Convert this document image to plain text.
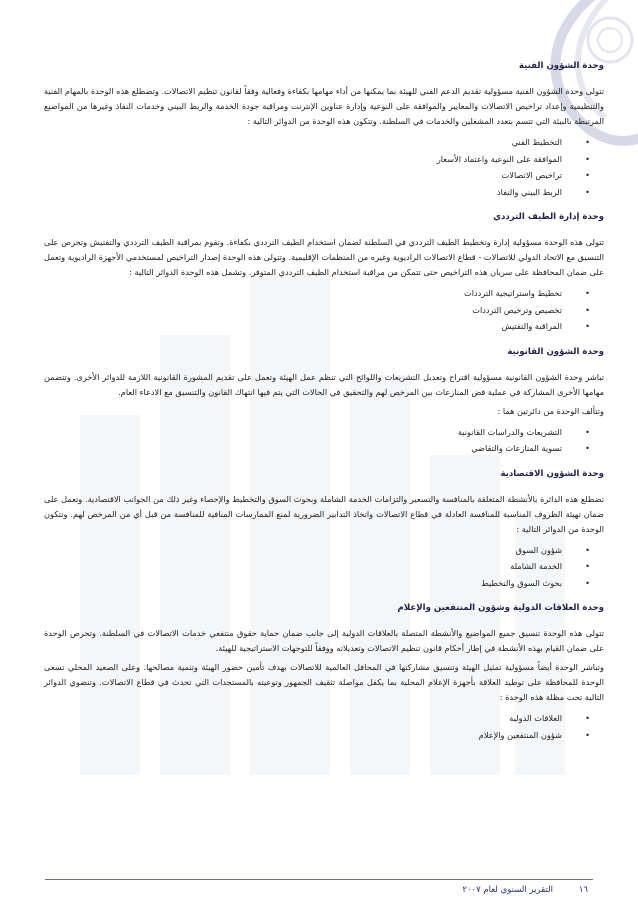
وحدة الشؤون الفنية

تتولى وحدة الشؤون الفنية مسؤولية تقديم الدعم الفني للهيئة بما يمكنها من أداء مهامها بكفاءة وفعالية وفقاً لقانون تنظيم الاتصالات. وتضطلع هذه الوحدة بالمهام الفنية والتنظيمية وإعداد تراخيص الاتصالات والمعايير والموافقة على النوعية وإدارة عناوين الإنترنت ومراقبة جودة الخدمة والربط البيني وخدمات النفاذ وغيرها من المواضيع المرتبطة بالبيئة التي تتسم بتعدد المشغلين والخدمات في السلطنة. وتتكون هذه الوحدة من الدوائر التالية :

•
التخطيط الفني
•
الموافقة على النوعية واعتماد الأسعار
•
تراخيص الاتصالات
•
الربط البيني والنفاذ
وحدة إدارة الطيف الترددي

تتولى هذه الوحدة مسؤولية إدارة وتخطيط الطيف الترددي في السلطنة لضمان استخدام الطيف الترددي بكفاءة. وتقوم بمراقبة الطيف الترددي والتفتيش وتحرص على التنسيق مع الاتحاد الدولي للاتصالات - قطاع الاتصالات الراديوية وغيره من المنظمات الإقليمية. وتتولى هذه الوحدة إصدار التراخيص لمستخدمي الأجهزة الراديوية وتعمل على ضمان المحافظة على سريان هذه التراخيص حتى تتمكن من مراقبة استخدام الطيف الترددي المتوفر. وتشمل هذه الوحدة الدوائر التالية :

•
تخطيط واستراتيجية الترددات
•
تخصيص وترخيص الترددات
•
المراقبة والتفتيش
وحدة الشؤون القانونية

تباشر وحدة الشؤون القانونية مسؤولية اقتراح وتعديل التشريعات واللوائح التي تنظم عمل الهيئة وتعمل على تقديم المشورة القانونية اللازمة للدوائر الأخرى. وتتضمن مهامها الأخرى المشاركة في عملية فض المنازعات بين المرخص لهم والتحقيق في الحالات التي يتم فيها انتهاك القانون والتنسيق مع الادعاء العام.

وتتألف الوحدة من دائرتين هما :

•
التشريعات والدراسات القانونية
•
تسوية المنازعات والتقاضي
وحدة الشؤون الاقتصادية

تضطلع هذه الدائرة بالأنشطة المتعلقة بالمنافسة والتسعير والتزامات الخدمة الشاملة وبحوث السوق والتخطيط والإحصاء وغير ذلك من الجوانب الاقتصادية. وتعمل على ضمان تهيئة الظروف المناسبة للمنافسة العادلة في قطاع الاتصالات واتخاذ التدابير الضرورية لمنع الممارسات المنافية للمنافسة من قبل أي من المرخص لهم. وتتكون الوحدة من الدوائر التالية :

•
شؤون السوق
•
الخدمة الشاملة
•
بحوث السوق والتخطيط
وحدة العلاقات الدولية وشؤون المنتفعين والإعلام

تتولى هذه الوحدة تنسيق جميع المواضيع والأنشطة المتصلة بالعلاقات الدولية إلى جانب ضمان حماية حقوق منتفعي خدمات الاتصالات في السلطنة. وتحرص الوحدة على ضمان القيام بهذه الأنشطة في إطار أحكام قانون تنظيم الاتصالات وتعديلاته ووفقاً للتوجهات الاستراتيجية للهيئة.

وتباشر الوحدة أيضاً مسؤولية تمثيل الهيئة وتنسيق مشاركتها في المحافل العالمية للاتصالات بهدف تأمين حضور الهيئة وتنمية مصالحها. وعلى الصعيد المحلي تسعى الوحدة للمحافظة على توطيد العلاقة بأجهزة الإعلام المحلية بما يكفل مواصلة تثقيف الجمهور وتوعيته بالمستجدات التي تحدث في قطاع الاتصالات. وتنضوي الدوائر التالية تحت مظلة هذه الوحدة :

•
العلاقات الدولية
•
شؤون المنتفعين والإعلام
١٦
التقرير السنوي لعام ٢٠٠٧
